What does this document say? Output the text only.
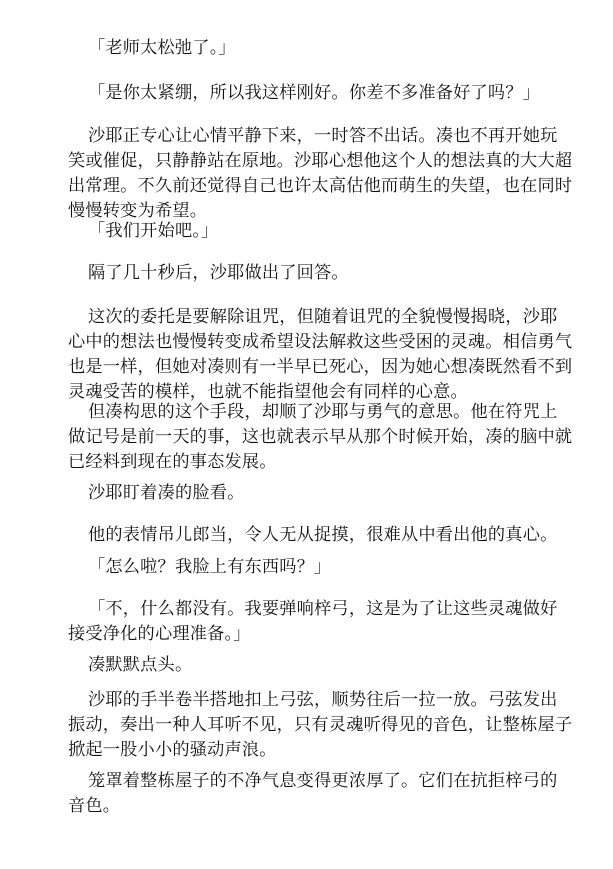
「老师太松弛了。」

「是你太紧绷，所以我这样刚好。你差不多准备好了吗？」

沙耶正专心让心情平静下来，一时答不出话。凑也不再开她玩
笑或催促，只静静站在原地。沙耶心想他这个人的想法真的大大超
出常理。不久前还觉得自己也许太高估他而萌生的失望，也在同时
慢慢转变为希望。

「我们开始吧。」

隔了几十秒后，沙耶做出了回答。

这次的委托是要解除诅咒，但随着诅咒的全貌慢慢揭晓，沙耶
心中的想法也慢慢转变成希望设法解救这些受困的灵魂。相信勇气
也是一样，但她对凑则有一半早已死心，因为她心想凑既然看不到
灵魂受苦的模样，也就不能指望他会有同样的心意。

但凑构思的这个手段，却顺了沙耶与勇气的意思。他在符咒上
做记号是前一天的事，这也就表示早从那个时候开始，凑的脑中就
已经料到现在的事态发展。

沙耶盯着凑的脸看。

他的表情吊儿郎当，令人无从捉摸，很难从中看出他的真心。

「怎么啦？我脸上有东西吗？」

「不，什么都没有。我要弹响梓弓，这是为了让这些灵魂做好
接受净化的心理准备。」

凑默默点头。

沙耶的手半卷半搭地扣上弓弦，顺势往后一拉一放。弓弦发出
振动，奏出一种人耳听不见，只有灵魂听得见的音色，让整栋屋子
掀起一股小小的骚动声浪。

笼罩着整栋屋子的不净气息变得更浓厚了。它们在抗拒梓弓的
音色。
